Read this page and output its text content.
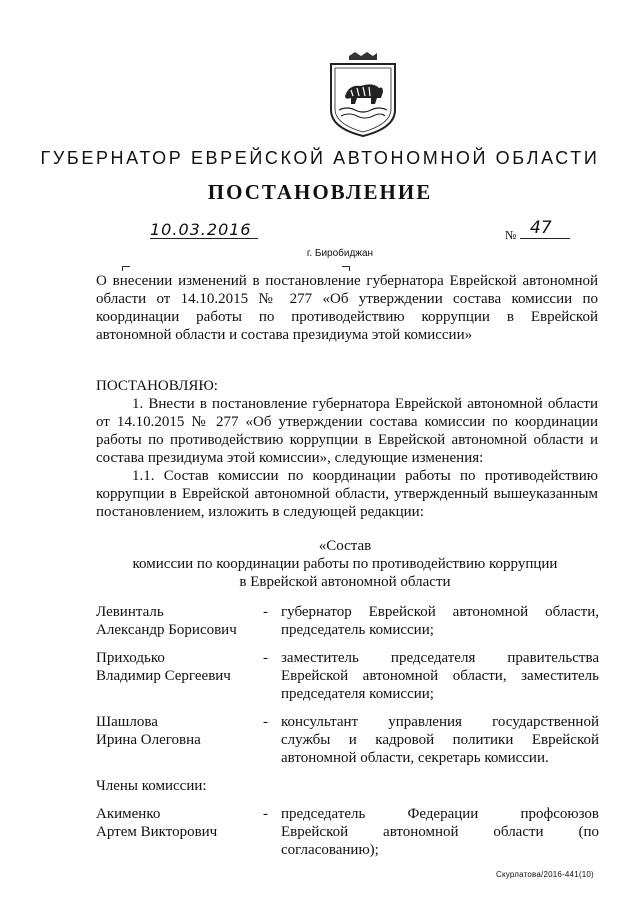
ГУБЕРНАТОР ЕВРЕЙСКОЙ АВТОНОМНОЙ ОБЛАСТИ
ПОСТАНОВЛЕНИЕ
10.03.2016	№ 47
г. Биробиджан
О внесении изменений в постановление губернатора Еврейской автономной
области от 14.10.2015 № 277 «Об утверждении состава комиссии по
координации работы по противодействию коррупции в Еврейской
автономной области и состава президиума этой комиссии»
ПОСТАНОВЛЯЮ:
1. Внести в постановление губернатора Еврейской автономной области
от 14.10.2015 № 277 «Об утверждении состава комиссии по координации
работы по противодействию коррупции в Еврейской автономной области и
состава президиума этой комиссии», следующие изменения:
1.1. Состав комиссии по координации работы по противодействию
коррупции в Еврейской автономной области, утвержденный вышеуказанным
постановлением, изложить в следующей редакции:
«Состав
комиссии по координации работы по противодействию коррупции
в Еврейской автономной области
Левинталь
Александр Борисович
- губернатор Еврейской автономной области,
председатель комиссии;
Приходько
Владимир Сергеевич
- заместитель председателя правительства
Еврейской автономной области, заместитель
председателя комиссии;
Шашлова
Ирина Олеговна
- консультант управления государственной
службы и кадровой политики Еврейской
автономной области, секретарь комиссии.
Члены комиссии:
Акименко
Артем Викторович
- председатель Федерации профсоюзов
Еврейской автономной области (по
согласованию);
Скурлатова/2016-441(10)
